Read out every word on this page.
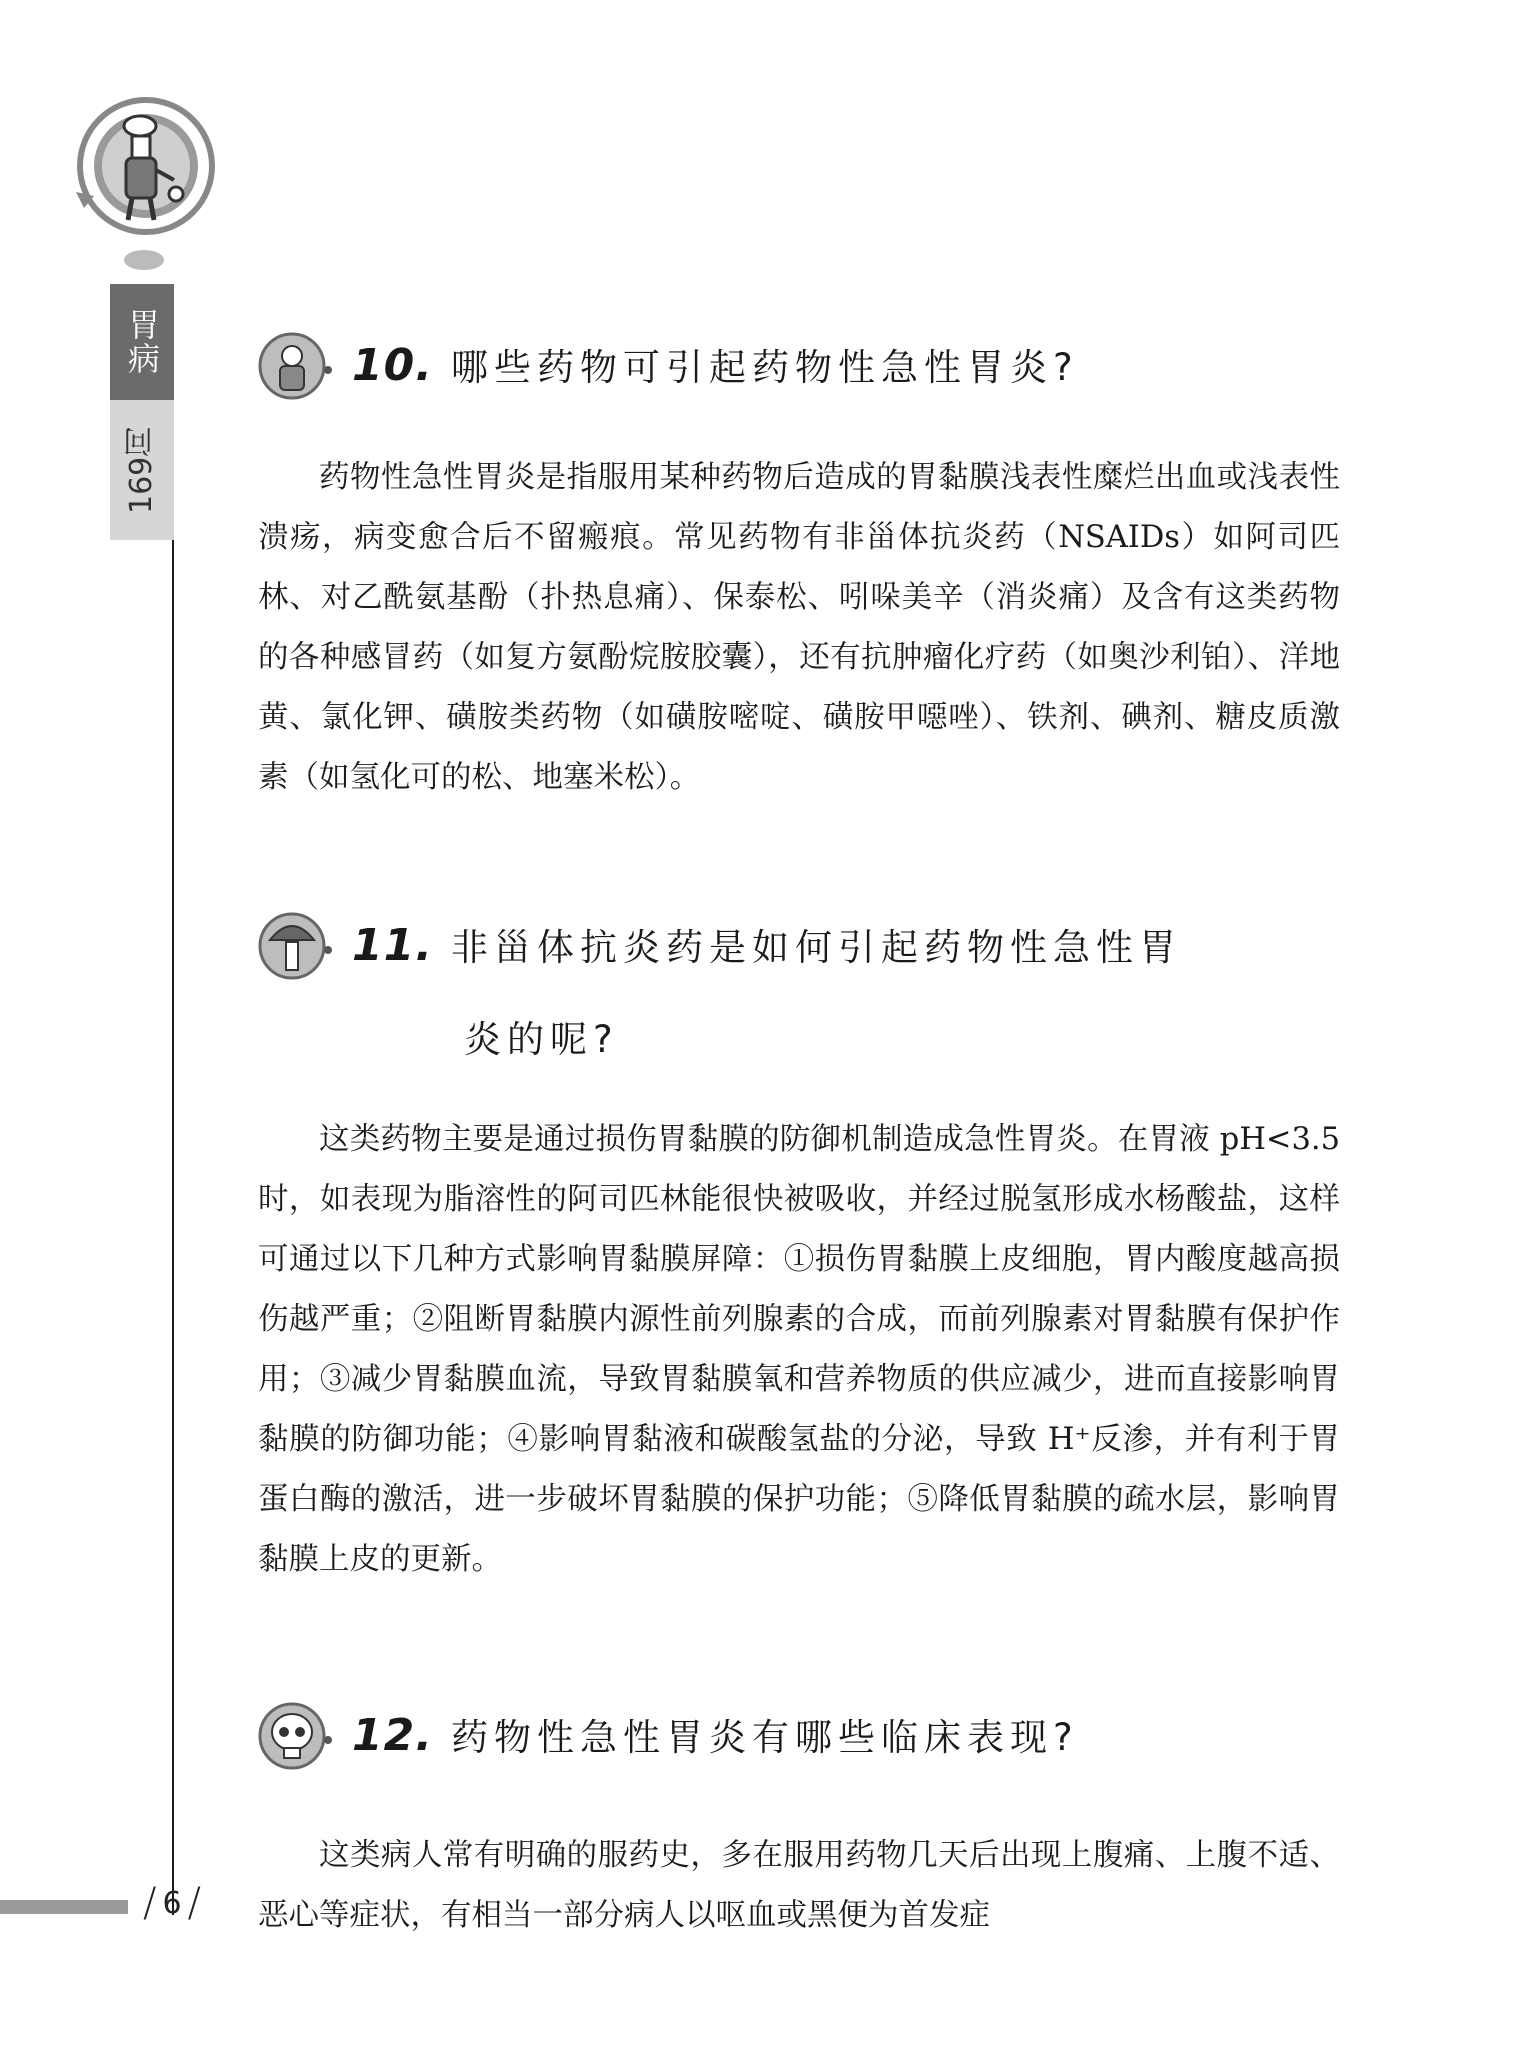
胃病
169问
10. 哪些药物可引起药物性急性胃炎?
药物性急性胃炎是指服用某种药物后造成的胃黏膜浅表性糜烂出血或浅表性溃疡，病变愈合后不留瘢痕。常见药物有非甾体抗炎药（NSAIDs）如阿司匹林、对乙酰氨基酚（扑热息痛）、保泰松、吲哚美辛（消炎痛）及含有这类药物的各种感冒药（如复方氨酚烷胺胶囊），还有抗肿瘤化疗药（如奥沙利铂）、洋地黄、氯化钾、磺胺类药物（如磺胺嘧啶、磺胺甲噁唑）、铁剂、碘剂、糖皮质激素（如氢化可的松、地塞米松）。
11. 非甾体抗炎药是如何引起药物性急性胃
炎的呢?
这类药物主要是通过损伤胃黏膜的防御机制造成急性胃炎。在胃液 pH<3.5 时，如表现为脂溶性的阿司匹林能很快被吸收，并经过脱氢形成水杨酸盐，这样可通过以下几种方式影响胃黏膜屏障：①损伤胃黏膜上皮细胞，胃内酸度越高损伤越严重；②阻断胃黏膜内源性前列腺素的合成，而前列腺素对胃黏膜有保护作用；③减少胃黏膜血流，导致胃黏膜氧和营养物质的供应减少，进而直接影响胃黏膜的防御功能；④影响胃黏液和碳酸氢盐的分泌，导致 H⁺反渗，并有利于胃蛋白酶的激活，进一步破坏胃黏膜的保护功能；⑤降低胃黏膜的疏水层，影响胃黏膜上皮的更新。
12. 药物性急性胃炎有哪些临床表现?
这类病人常有明确的服药史，多在服用药物几天后出现上腹痛、上腹不适、恶心等症状，有相当一部分病人以呕血或黑便为首发症
/ 6 /
